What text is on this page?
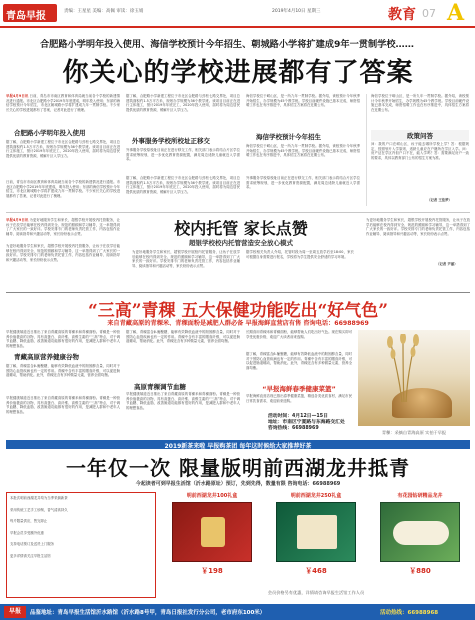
青岛早报	责编：王星星 美编：高佩 审读：徐玉娟	2019年4月10日 星期三	教育 07 A
合肥路小学明年投入使用、海信学校预计今年招生、朝城路小学将扩建成9年一贯制学校……
你关心的学校进展都有了答案
早报4月9日讯 日前，青岛市市南区教育和体育局就当前各个学校的新建情况进行通报。市北区合肥路小学2019年年底建成，明年投入使用；东部的海信学校预计今年招生，市北区朝城路小学将扩建成九年一贯制学校。不少家长关心的学校进展都有了答案，记者对此进行了梳理。
合肥路小学明年投入使用
据了解，合肥路小学新建工程位于市北区合肥路与劲松七路交界处，项目总建筑面积约1.5万平方米，规划办学规模为36个教学班。该项目目前正在进行主体施工，预计2019年年底完工，2020年投入使用，届时将为周边居民提供优质的教育资源，缓解片区入学压力。
日前，青岛市市南区教育和体育局就当前各个学校的新建情况进行通报。市北区合肥路小学2019年年底建成，明年投入使用；东部的海信学校预计今年招生，市北区朝城路小学将扩建成九年一贯制学校。不少家长关心的学校进展都有了答案，记者对此进行了梳理。
据了解，合肥路小学新建工程位于市北区合肥路与劲松七路交界处，项目总建筑面积约1.5万平方米，规划办学规模为36个教学班。该项目目前正在进行主体施工，预计2019年年底完工，2020年投入使用，届时将为周边居民提供优质的教育资源，缓解片区入学压力。
外事服务学校所校址正移交
外事服务学校原校址目前正在进行移交工作，相关部门表示将结合片区学位需求统筹规划，进一步优化教育资源配置，满足周边适龄儿童就近入学需求。
据了解，合肥路小学新建工程位于市北区合肥路与劲松七路交界处，项目总建筑面积约1.5万平方米，规划办学规模为36个教学班。该项目目前正在进行主体施工，预计2019年年底完工，2020年投入使用，届时将为周边居民提供优质的教育资源，缓解片区入学压力。
海信学校位于崂山区，是一所九年一贯制学校。据介绍，该校预计今年秋季开始招生，办学规模为45个教学班。学校目前硬件设施已基本完成，师资招聘工作也在有序推进中，具体招生方案将在近期公布。
海信学校预计今年招生
海信学校位于崂山区，是一所九年一贯制学校。据介绍，该校预计今年秋季开始招生，办学规模为45个教学班。学校目前硬件设施已基本完成，师资招聘工作也在有序推进中，具体招生方案将在近期公布。
外事服务学校原校址目前正在进行移交工作，相关部门表示将结合片区学位需求统筹规划，进一步优化教育资源配置，满足周边适龄儿童就近入学需求。
海信学校位于崂山区，是一所九年一贯制学校。据介绍，该校预计今年秋季开始招生，办学规模为45个教学班。学校目前硬件设施已基本完成，师资招聘工作也在有序推进中，具体招生方案将在近期公布。
政策问答
问：我的户口在崂山区，孩子能去哪所学校上学？答：根据规定，按照划片入学原则，适龄儿童应在户籍所在学区入学。问：房产证在学区内但户口不在，能入学吗？答：需要满足房户一致的要求，具体以教育部门公布的招生方案为准。
（记者 王佳梦）
早报4月9日讯 为更好地服务学生和家长，超银学校开展校内托管服务，让孩子在放学后能够在校内得到安全、规范的照顾和学习辅导，这一举措得到了广大家长的一致好评。学校安排专门的老师负责托管工作，内容包括作业辅导、阅读指导和兴趣活动等，家长纷纷表示点赞。
为更好地服务学生和家长，超银学校开展校内托管服务，让孩子在放学后能够在校内得到安全、规范的照顾和学习辅导，这一举措得到了广大家长的一致好评。学校安排专门的老师负责托管工作，内容包括作业辅导、阅读指导和兴趣活动等，家长纷纷表示点赞。
校内托管 家长点赞
超银学校校内托管营造安全放心模式
为更好地服务学生和家长，超银学校开展校内托管服务，让孩子在放学后能够在校内得到安全、规范的照顾和学习辅导，这一举措得到了广大家长的一致好评。学校安排专门的老师负责托管工作，内容包括作业辅导、阅读指导和兴趣活动等，家长纷纷表示点赞。
据学校相关负责人介绍，托管时段为周一至周五放学后至18:00，家长可根据自身需要进行报名，学校将为学生提供安全舒适的学习环境。
为更好地服务学生和家长，超银学校开展校内托管服务，让孩子在放学后能够在校内得到安全、规范的照顾和学习辅导，这一举措得到了广大家长的一致好评。学校安排专门的老师负责托管工作，内容包括作业辅导、阅读指导和兴趣活动等，家长纷纷表示点赞。
（记者 尹丽）
“三高”青稞 五大保健功能吃出“好气色”
来自青藏高原的青稞米、青稞面粉是减肥人群必备 早报海鲜直营店有售 咨询电话：66988969
早报健康频道近日推出了来自青藏高原的青稞米和青稞面粉。青稞是一种营养价值极高的谷物，具有高蛋白、高纤维、高维生素的“三高”特点，对于调节血糖、降低血脂、改善肠道功能都有很好的作用，是减肥人群和中老年人的理想食品。
青藏高原营养健康谷物
据了解，青稞富含β-葡聚糖，能够有效降低血液中的胆固醇含量，同时对于预防心血管疾病也有一定的作用。青稞中含有丰富的膳食纤维，可以促进肠道蠕动，帮助消化。此外，青稞还含有多种微量元素，营养全面均衡。
早报健康频道近日推出了来自青藏高原的青稞米和青稞面粉。青稞是一种营养价值极高的谷物，具有高蛋白、高纤维、高维生素的“三高”特点，对于调节血糖、降低血脂、改善肠道功能都有很好的作用，是减肥人群和中老年人的理想食品。
据了解，青稞富含β-葡聚糖，能够有效降低血液中的胆固醇含量，同时对于预防心血管疾病也有一定的作用。青稞中含有丰富的膳食纤维，可以促进肠道蠕动，帮助消化。此外，青稞还含有多种微量元素，营养全面均衡。
高原青稞调节血糖
早报健康频道近日推出了来自青藏高原的青稞米和青稞面粉。青稞是一种营养价值极高的谷物，具有高蛋白、高纤维、高维生素的“三高”特点，对于调节血糖、降低血脂、改善肠道功能都有很好的作用，是减肥人群和中老年人的理想食品。
长期食用青稞米和青稞面粉，能够帮助人们吃出好气色。现在购买即可享受优惠价格，欢迎广大读者前来选购。
据了解，青稞富含β-葡聚糖，能够有效降低血液中的胆固醇含量，同时对于预防心血管疾病也有一定的作用。青稞中含有丰富的膳食纤维，可以促进肠道蠕动，帮助消化。此外，青稞还含有多种微量元素，营养全面均衡。
“早报海鲜春季健康菜篮”
早报海鲜直营店现已推出春季健康菜篮，精选各类优质食材，满足市民日常饮食需求，欢迎前来选购。
活动时间：4月12日—15日
地址：市南区宁夏路与东海路交汇处
咨询热线：66988969
青稞：采摘自青海高原 实拍于早报
2019新茶来啦 早报购茶团 每年这时候给大家推荐好茶
一年仅一次 限量版明前西湖龙井抵青
今起读者可到早报生活馆（沂水路原址）预订，先到先得，数量有限 咨询电话：66988969
本批次明前西湖龙井均为当季采摘新茶
采用传统工艺手工炒制，香气清高持久
每斤限量供应，售完即止
早报会员享受额外优惠
支持电话预订及送货上门服务
更多详情请关注早报生活馆
明前西湖龙井100礼盒
￥198
明前西湖龙井250礼盒
￥468
有花园钻研精品龙井
￥880
会员价格另有优惠，详情请咨询早报生活馆工作人员
早报	品鉴地址：青岛早报生活馆沂水路馆（沂水路8号甲，青岛日报社发行分公司，老市府东100米）	活动热线：66988968
